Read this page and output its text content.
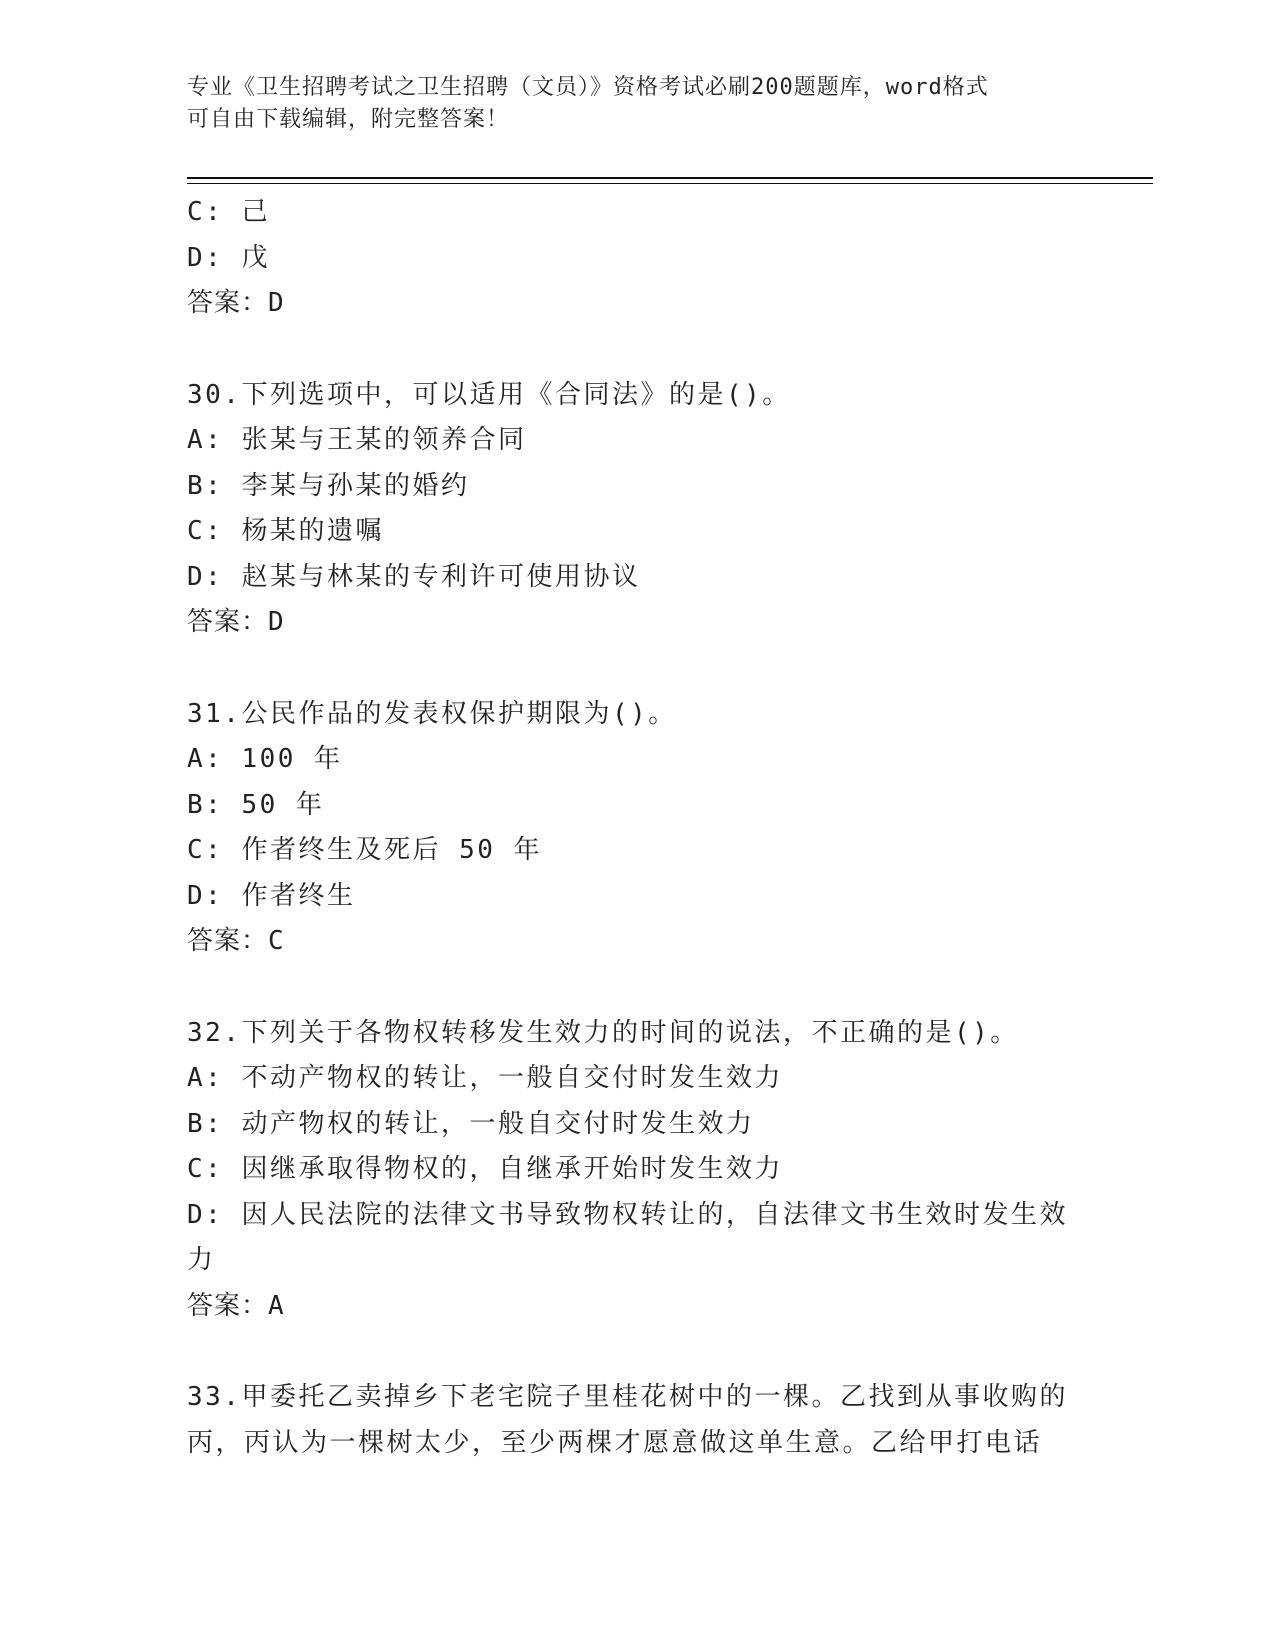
专业《卫生招聘考试之卫生招聘（文员）》资格考试必刷200题题库，word格式
可自由下载编辑，附完整答案！
C: 己
D: 戊
答案：D
30.下列选项中，可以适用《合同法》的是()。
A: 张某与王某的领养合同
B: 李某与孙某的婚约
C: 杨某的遗嘱
D: 赵某与林某的专利许可使用协议
答案：D
31.公民作品的发表权保护期限为()。
A: 100 年
B: 50 年
C: 作者终生及死后 50 年
D: 作者终生
答案：C
32.下列关于各物权转移发生效力的时间的说法，不正确的是()。
A: 不动产物权的转让，一般自交付时发生效力
B: 动产物权的转让，一般自交付时发生效力
C: 因继承取得物权的，自继承开始时发生效力
D: 因人民法院的法律文书导致物权转让的，自法律文书生效时发生效
力
答案：A
33.甲委托乙卖掉乡下老宅院子里桂花树中的一棵。乙找到从事收购的
丙，丙认为一棵树太少，至少两棵才愿意做这单生意。乙给甲打电话
